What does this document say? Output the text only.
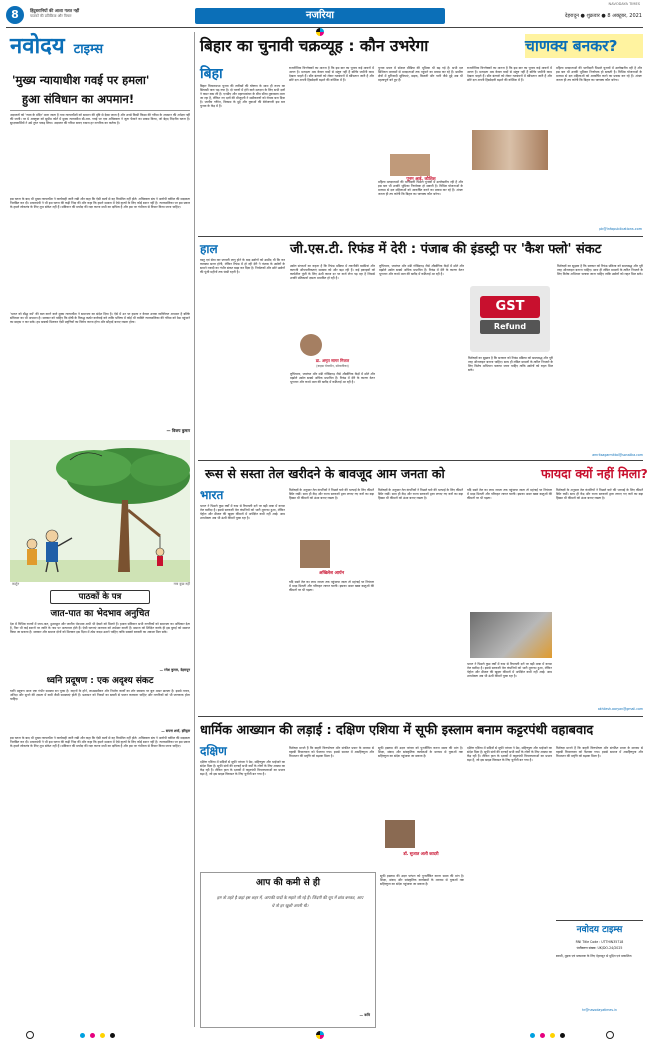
8	हिंदुस्तानियों की आशा गलत नहीं
पाठकों की प्रतिक्रिया और विचार	नजरिया
NAVODAYA TIMES
देहरादून ● शुक्रवार ● 8 अक्टूबर, 2021
नवोदय टाइम्स
'मुख्य न्यायाधीश गवई पर हमला'
हुआ संविधान का अपमान!
अदालतों को 'न्याय के मंदिर' माना जाता है तथा न्यायाधीशों को सम्मान की दृष्टि से देखा जाता है और उनसे किसी किस्म की गरिमा के अपमान की अपेक्षा नहीं की जाती। पर 6 अक्टूबर को सुप्रीम कोर्ट में मुख्य न्यायाधीश बी.आर. गवई पर एक अधिवक्ता ने जूता फेंकने का प्रयास किया, जो बेहद निंदनीय घटना है। सुरक्षाकर्मियों ने उसे तुरंत पकड़ लिया। अदालत की गरिमा बनाए रखना हर नागरिक का कर्तव्य है।
इस घटना के बाद भी मुख्य न्यायाधीश ने कार्यवाही जारी रखी और कहा कि ऐसी बातों से वह विचलित नहीं होते। अधिवक्ता संघ ने आरोपी वकील की सदस्यता निलंबित कर दी। प्रधानमंत्री ने भी इस घटना की कड़ी निंदा की और कहा कि हमारे समाज में ऐसे कृत्यों के लिए कोई स्थान नहीं है। न्यायपालिका पर इस प्रकार के हमले लोकतंत्र के लिए शुभ संकेत नहीं हैं। संविधान की मर्यादा की रक्षा करना सभी का दायित्व है और इस पर गंभीरता से विचार किया जाना चाहिए।
'भारत को बौद्ध धर्म' की बात करने वाले मुख्य न्यायाधीश ने समानता का संदेश दिया है। ऐसे में उन पर हमला न केवल उनका व्यक्तिगत अपमान है बल्कि संविधान का भी अपमान है। सरकार को चाहिए कि दोषी के विरुद्ध कठोर कार्रवाई करे ताकि भविष्य में कोई भी व्यक्ति न्यायपालिका की गरिमा को ठेस पहुंचाने का साहस न कर सके। हम सबको मिलकर ऐसी प्रवृत्तियों का विरोध करना होगा और सौहार्द बनाए रखना होगा।
— विजय कुमार
कार्टून	नया कुछ नहीं
पाठकों के पत्र
जात-पात का भेदभाव अनुचित
देश में विभिन्न राज्यों में जात-पात, छुआछूत और जातीय भेदभाव अभी भी देखने को मिलते हैं। हमारा संविधान सभी नागरिकों को समानता का अधिकार देता है, फिर भी कई स्थानों पर जाति के नाम पर अत्याचार होते हैं। ऐसी घटनाएं मानवता को शर्मसार करती हैं। समाज को शिक्षित करके ही इस बुराई को समाप्त किया जा सकता है। सरकार और समाज दोनों को मिलकर इस दिशा में ठोस कदम उठाने चाहिए ताकि सबको बराबरी का अवसर मिल सके।
— रमेश कुमार, देहरादून
ध्वनि प्रदूषण : एक अदृश्य संकट
ध्वनि प्रदूषण आज एक गंभीर समस्या बन चुका है। वाहनों के हॉर्न, लाउडस्पीकर और निर्माण कार्यों का शोर स्वास्थ्य पर बुरा असर डालता है। इससे तनाव, अनिद्रा और सुनने की क्षमता में कमी जैसी समस्याएं होती हैं। प्रशासन को नियमों का सख्ती से पालन करवाना चाहिए और नागरिकों को भी जागरूक होना चाहिए।
— सपना शर्मा, हरिद्वार
इस घटना के बाद भी मुख्य न्यायाधीश ने कार्यवाही जारी रखी और कहा कि ऐसी बातों से वह विचलित नहीं होते। अधिवक्ता संघ ने आरोपी वकील की सदस्यता निलंबित कर दी। प्रधानमंत्री ने भी इस घटना की कड़ी निंदा की और कहा कि हमारे समाज में ऐसे कृत्यों के लिए कोई स्थान नहीं है। न्यायपालिका पर इस प्रकार के हमले लोकतंत्र के लिए शुभ संकेत नहीं हैं। संविधान की मर्यादा की रक्षा करना सभी का दायित्व है और इस पर गंभीरता से विचार किया जाना चाहिए।
बिहार का चुनावी चक्रव्यूह : कौन उभरेगा	चाणक्य बनकर?
बिहा
बिहार विधानसभा चुनाव की तारीखों की घोषणा के साथ ही राज्य का सियासी पारा चढ़ गया है। दो चरणों में होने वाले मतदान के लिए सभी दलों ने कमर कस ली है। एनडीए और महागठबंधन के बीच सीधा मुकाबला माना जा रहा है, लेकिन नए दलों की मौजूदगी ने समीकरणों को रोचक बना दिया है। जातीय गणित, विकास के मुद्दे और युवाओं की बेरोजगारी इस बार चुनाव के केंद्र में हैं।
राजनीतिक विश्लेषकों का मानना है कि इस बार का चुनाव कई मायनों में अलग है। मतदाता अब केवल वादों से संतुष्ट नहीं हैं बल्कि जमीनी काम देखना चाहते हैं। सीट बंटवारे को लेकर गठबंधनों में खींचतान जारी है और छोटे दल अपनी हिस्सेदारी बढ़ाने की कोशिश में हैं।
चुनाव प्रचार में सोशल मीडिया की भूमिका भी बढ़ गई है। सभी दल डिजिटल माध्यमों से मतदाताओं तक पहुंचने का प्रयास कर रहे हैं। ग्रामीण क्षेत्रों में बुनियादी सुविधाएं, सड़क, बिजली और पानी जैसे मुद्दे अब भी महत्वपूर्ण बने हुए हैं।
महिला मतदाताओं की भागीदारी पिछले चुनावों में उल्लेखनीय रही है और इस बार भी उनकी भूमिका निर्णायक हो सकती है। विभिन्न योजनाओं के माध्यम से दल महिलाओं को आकर्षित करने का प्रयास कर रहे हैं। अंततः जनता ही तय करेगी कि बिहार का चाणक्य कौन बनेगा।
पूनम आई. कौशिश
राजनीतिक विश्लेषकों का मानना है कि इस बार का चुनाव कई मायनों में अलग है। मतदाता अब केवल वादों से संतुष्ट नहीं हैं बल्कि जमीनी काम देखना चाहते हैं। सीट बंटवारे को लेकर गठबंधनों में खींचतान जारी है और छोटे दल अपनी हिस्सेदारी बढ़ाने की कोशिश में हैं।
महिला मतदाताओं की भागीदारी पिछले चुनावों में उल्लेखनीय रही है और इस बार भी उनकी भूमिका निर्णायक हो सकती है। विभिन्न योजनाओं के माध्यम से दल महिलाओं को आकर्षित करने का प्रयास कर रहे हैं। अंततः जनता ही तय करेगी कि बिहार का चाणक्य कौन बनेगा।
pk@infapublications.com
हाल
वस्तु एवं सेवा कर प्रणाली लागू होने के बाद उद्योगों को उम्मीद थी कि कर व्यवस्था सरल होगी, लेकिन रिफंड में हो रही देरी ने पंजाब के उद्योगों के सामने नकदी का गंभीर संकट खड़ा कर दिया है। निर्यातकों और छोटे उद्योगों की पूंजी महीनों तक फंसी रहती है।
जी.एस.टी. रिफंड में देरी : पंजाब की इंडस्ट्री पर 'कैश फ्लो' संकट
उद्योग संगठनों का कहना है कि रिफंड प्रक्रिया में तकनीकी खामियां और कागजी औपचारिकताएं समस्या को और बढ़ा रही हैं। कई इकाइयों को कार्यशील पूंजी के लिए ऊंची ब्याज दर पर कर्ज लेना पड़ रहा है जिससे उनकी प्रतिस्पर्धा क्षमता प्रभावित हो रही है।
डा. अमृत सागर मित्तल
(वाइस चेयरमैन, सोनालीका)
लुधियाना, जालंधर और मंडी गोबिंदगढ़ जैसे औद्योगिक केंद्रों में छोटे और मझोले उद्योग सबसे अधिक प्रभावित हैं। रिफंड में देरी के कारण वेतन भुगतान और कच्चे माल की खरीद में कठिनाई आ रही है।
लुधियाना, जालंधर और मंडी गोबिंदगढ़ जैसे औद्योगिक केंद्रों में छोटे और मझोले उद्योग सबसे अधिक प्रभावित हैं। रिफंड में देरी के कारण वेतन भुगतान और कच्चे माल की खरीद में कठिनाई आ रही है।
GST
Refund
विशेषज्ञों का सुझाव है कि सरकार को रिफंड प्रक्रिया को समयबद्ध और पूरी तरह ऑनलाइन बनाना चाहिए। साथ ही लंबित मामलों के त्वरित निपटारे के लिए विशेष अभियान चलाया जाना चाहिए ताकि उद्योगों को राहत मिल सके।
विशेषज्ञों का सुझाव है कि सरकार को रिफंड प्रक्रिया को समयबद्ध और पूरी तरह ऑनलाइन बनाना चाहिए। साथ ही लंबित मामलों के त्वरित निपटारे के लिए विशेष अभियान चलाया जाना चाहिए ताकि उद्योगों को राहत मिल सके।
amritsagarmittal@sonalika.com
रूस से सस्ता तेल खरीदने के बावजूद आम जनता को	फायदा क्यों नहीं मिला?
भारत
भारत ने पिछले कुछ वर्षों में रूस से रियायती दरों पर बड़ी मात्रा में कच्चा तेल खरीदा है। इससे सरकारी तेल कंपनियों को भारी मुनाफा हुआ, लेकिन पेट्रोल और डीजल की खुदरा कीमतों में अपेक्षित कमी नहीं आई। आम उपभोक्ता अब भी ऊंची कीमतें चुका रहा है।
विशेषज्ञों के अनुसार तेल कंपनियों ने पिछले घाटे की भरपाई के लिए कीमतें स्थिर रखीं। साथ ही केंद्र और राज्य सरकारों द्वारा लगाए गए करों का बड़ा हिस्सा भी कीमतों को ऊंचा बनाए रखता है।
अखिलेश आर्यन
यदि सस्ते तेल का लाभ जनता तक पहुंचाया जाता तो महंगाई पर नियंत्रण में मदद मिलती और परिवहन लागत घटती। इसका असर खाद्य वस्तुओं की कीमतों पर भी पड़ता।
विशेषज्ञों के अनुसार तेल कंपनियों ने पिछले घाटे की भरपाई के लिए कीमतें स्थिर रखीं। साथ ही केंद्र और राज्य सरकारों द्वारा लगाए गए करों का बड़ा हिस्सा भी कीमतों को ऊंचा बनाए रखता है।
यदि सस्ते तेल का लाभ जनता तक पहुंचाया जाता तो महंगाई पर नियंत्रण में मदद मिलती और परिवहन लागत घटती। इसका असर खाद्य वस्तुओं की कीमतों पर भी पड़ता।
भारत ने पिछले कुछ वर्षों में रूस से रियायती दरों पर बड़ी मात्रा में कच्चा तेल खरीदा है। इससे सरकारी तेल कंपनियों को भारी मुनाफा हुआ, लेकिन पेट्रोल और डीजल की खुदरा कीमतों में अपेक्षित कमी नहीं आई। आम उपभोक्ता अब भी ऊंची कीमतें चुका रहा है।
विशेषज्ञों के अनुसार तेल कंपनियों ने पिछले घाटे की भरपाई के लिए कीमतें स्थिर रखीं। साथ ही केंद्र और राज्य सरकारों द्वारा लगाए गए करों का बड़ा हिस्सा भी कीमतों को ऊंचा बनाए रखता है।
akhilesh.aaryan@gmail.com
धार्मिक आख्यान की लड़ाई : दक्षिण एशिया में सूफी इस्लाम बनाम कट्टरपंथी वहाबवाद
दक्षिण
दक्षिण एशिया में सदियों से सूफी परंपरा ने प्रेम, सहिष्णुता और भाईचारे का संदेश दिया है। सूफी संतों की दरगाहें सभी धर्मों के लोगों के लिए आस्था का केंद्र रही हैं। लेकिन हाल के दशकों में कट्टरपंथी विचारधाराओं का प्रभाव बढ़ा है, जो इस साझा विरासत के लिए चुनौती बन गया है।
विशेषज्ञ मानते हैं कि बाहरी वित्तपोषण और संगठित प्रचार के माध्यम से वहाबी विचारधारा को फैलाया गया। इससे समाज में असहिष्णुता और विभाजन की प्रवृत्ति को बढ़ावा मिला है।
सूफी इस्लाम की उदार परंपरा को पुनर्जीवित करना समय की मांग है। शिक्षा, संवाद और सांस्कृतिक कार्यक्रमों के माध्यम से युवाओं तक सहिष्णुता का संदेश पहुंचाया जा सकता है।
डॉ. सुजात अली कादरी
दक्षिण एशिया में सदियों से सूफी परंपरा ने प्रेम, सहिष्णुता और भाईचारे का संदेश दिया है। सूफी संतों की दरगाहें सभी धर्मों के लोगों के लिए आस्था का केंद्र रही हैं। लेकिन हाल के दशकों में कट्टरपंथी विचारधाराओं का प्रभाव बढ़ा है, जो इस साझा विरासत के लिए चुनौती बन गया है।
विशेषज्ञ मानते हैं कि बाहरी वित्तपोषण और संगठित प्रचार के माध्यम से वहाबी विचारधारा को फैलाया गया। इससे समाज में असहिष्णुता और विभाजन की प्रवृत्ति को बढ़ावा मिला है।
आप की कमी से ही
हम तो ठहरे है कहां इस शहर में, आपकी यादों के सहारे जी रहे हैं। जिंदगी की धूप में छांव बनकर, आप थे तो हर खुशी अपनी थी।
— कवि
सूफी इस्लाम की उदार परंपरा को पुनर्जीवित करना समय की मांग है। शिक्षा, संवाद और सांस्कृतिक कार्यक्रमों के माध्यम से युवाओं तक सहिष्णुता का संदेश पहुंचाया जा सकता है।
नवोदय टाइम्स
RNI Title Code : UTTHIN35718
पंजीकरण संख्या: UK/DO-24/2025
स्वामी, मुद्रक एवं प्रकाशक के लिए देहरादून से मुद्रित एवं प्रकाशित।
hr@navodayatimes.in
